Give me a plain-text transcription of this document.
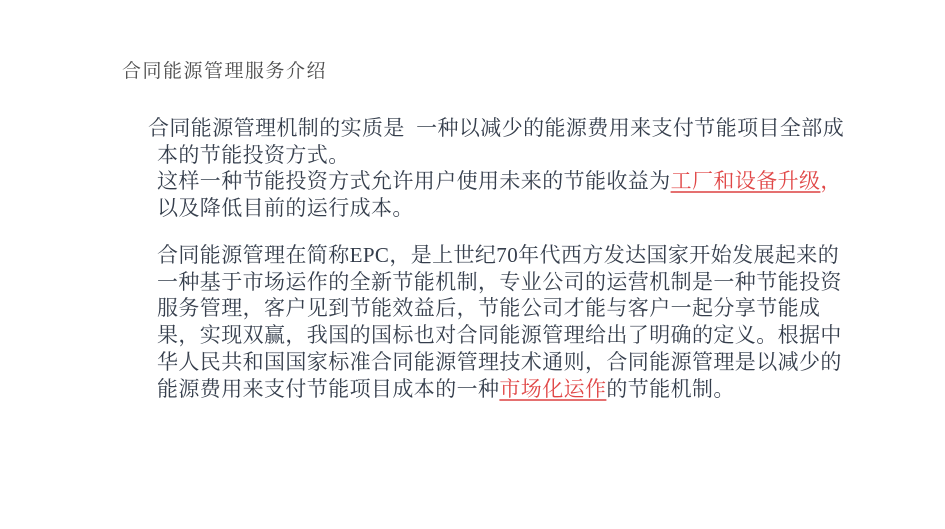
合同能源管理服务介绍
合同能源管理机制的实质是  一种以减少的能源费用来支付节能项目全部成
本的节能投资方式。
这样一种节能投资方式允许用户使用未来的节能收益为工厂和设备升级，
以及降低目前的运行成本。
合同能源管理在简称EPC，是上世纪70年代西方发达国家开始发展起来的
一种基于市场运作的全新节能机制，专业公司的运营机制是一种节能投资
服务管理，客户见到节能效益后，节能公司才能与客户一起分享节能成
果，实现双赢，我国的国标也对合同能源管理给出了明确的定义。根据中
华人民共和国国家标准合同能源管理技术通则，合同能源管理是以减少的
能源费用来支付节能项目成本的一种市场化运作的节能机制。
